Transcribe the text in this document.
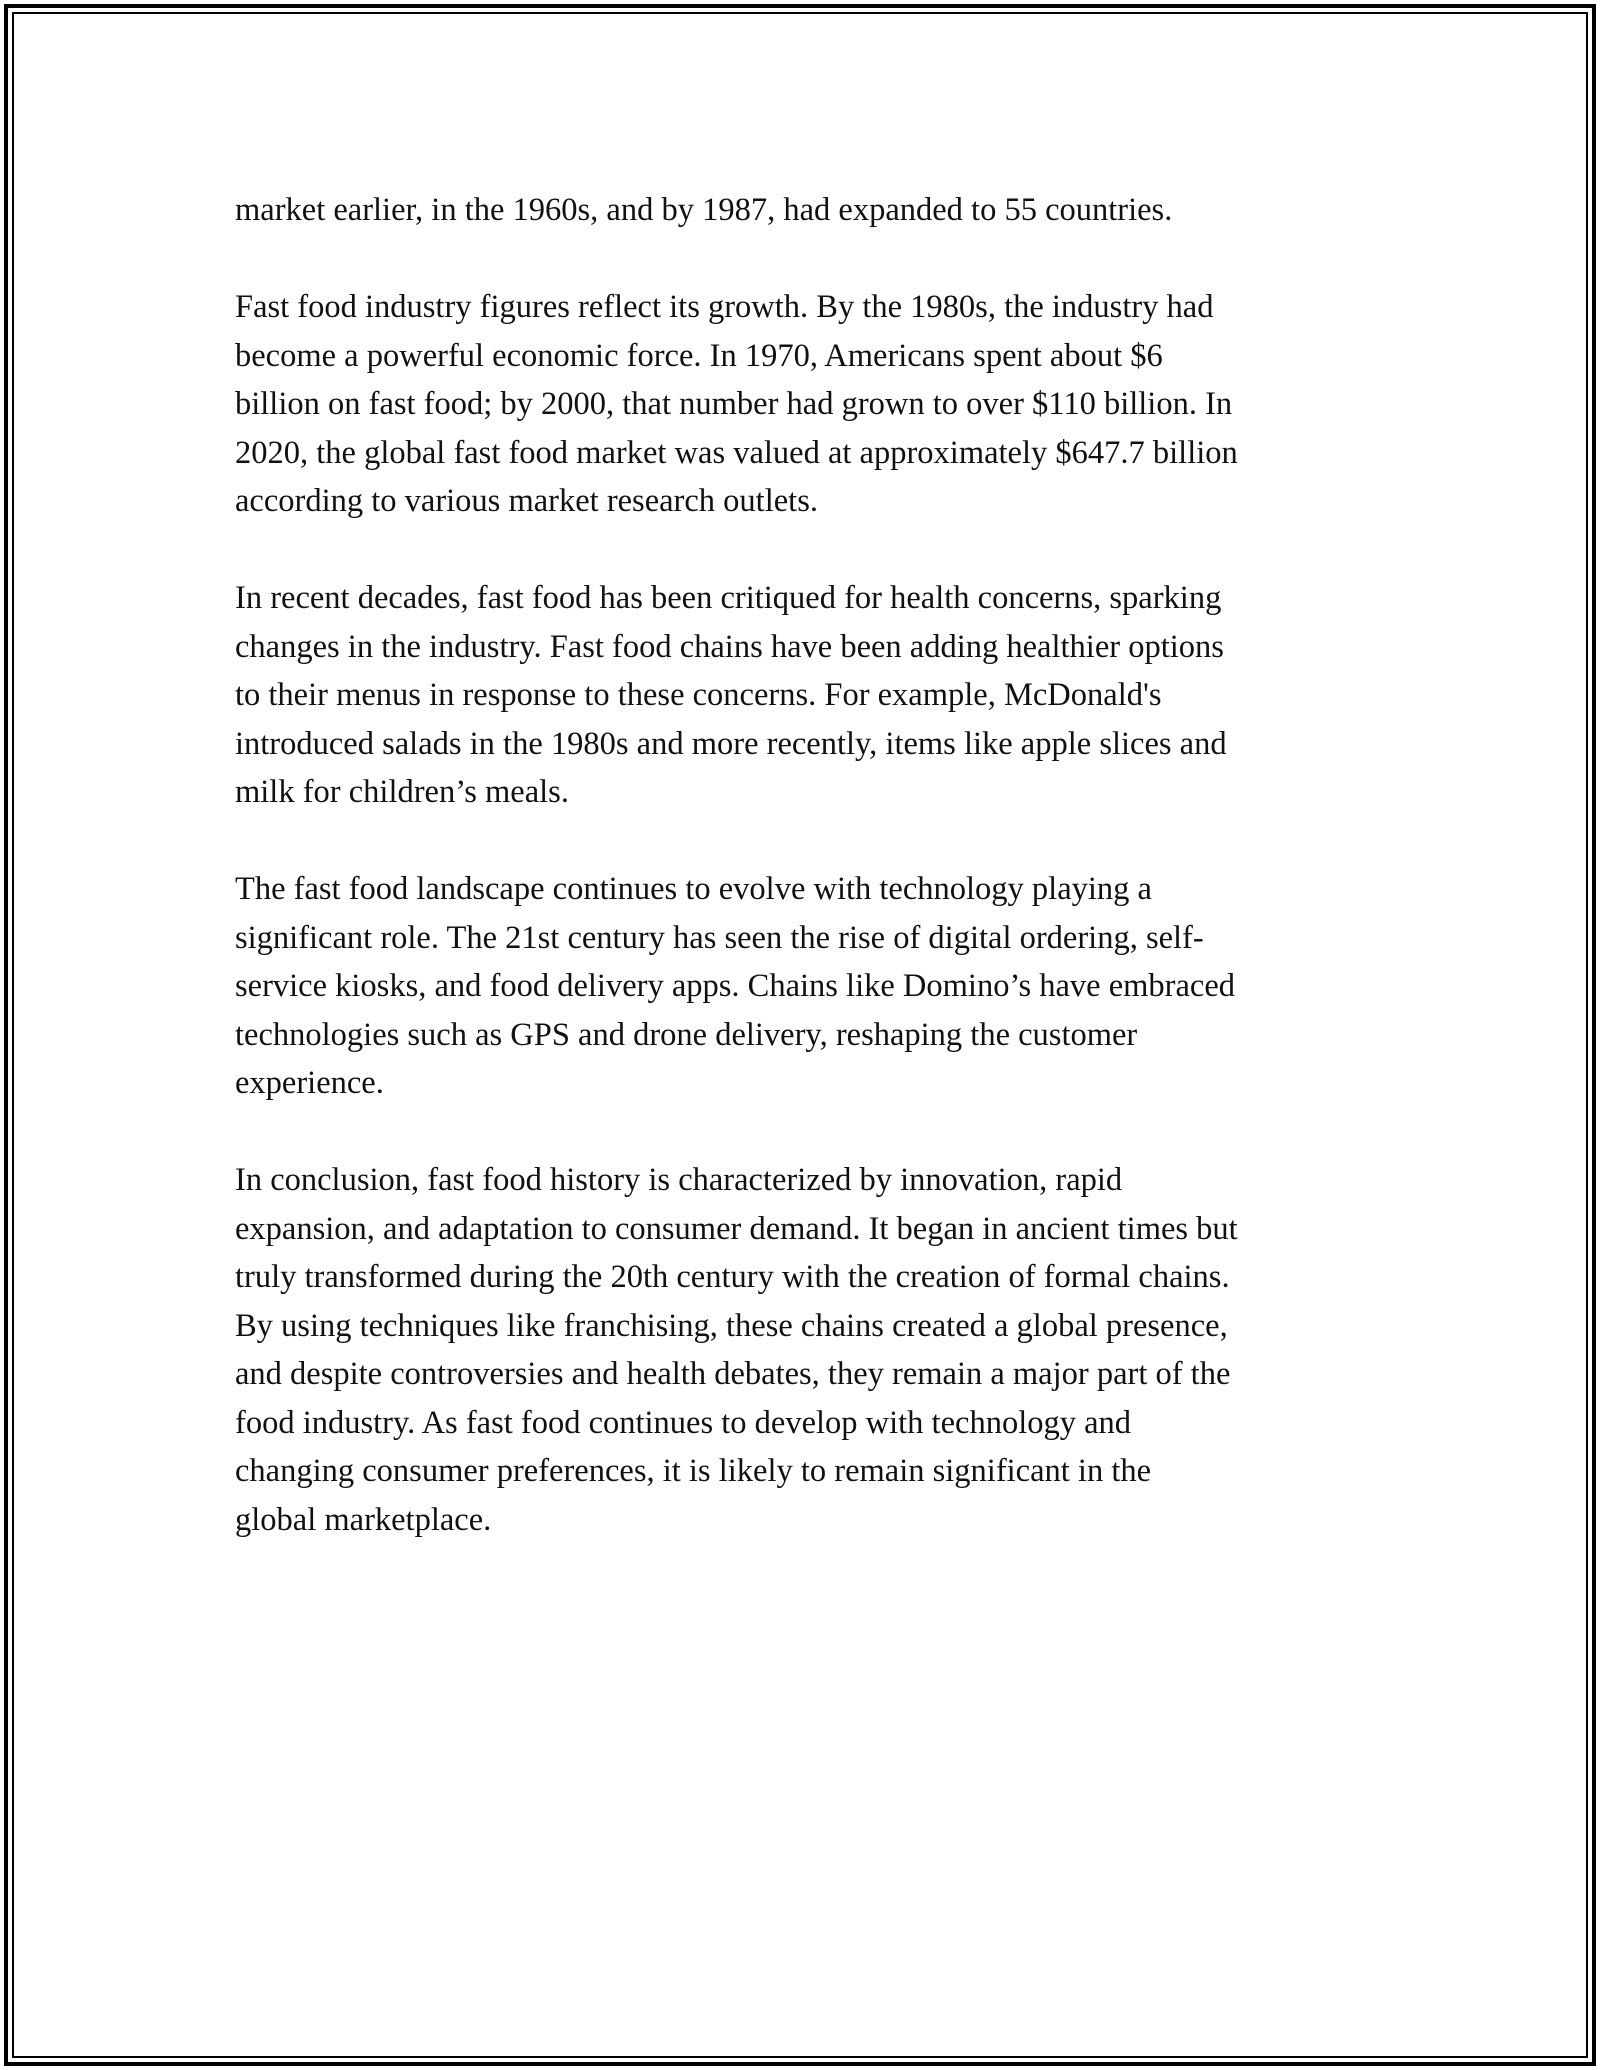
market earlier, in the 1960s, and by 1987, had expanded to 55 countries.

Fast food industry figures reflect its growth. By the 1980s, the industry had
become a powerful economic force. In 1970, Americans spent about $6
billion on fast food; by 2000, that number had grown to over $110 billion. In
2020, the global fast food market was valued at approximately $647.7 billion
according to various market research outlets.

In recent decades, fast food has been critiqued for health concerns, sparking
changes in the industry. Fast food chains have been adding healthier options
to their menus in response to these concerns. For example, McDonald's
introduced salads in the 1980s and more recently, items like apple slices and
milk for children’s meals.

The fast food landscape continues to evolve with technology playing a
significant role. The 21st century has seen the rise of digital ordering, self-
service kiosks, and food delivery apps. Chains like Domino’s have embraced
technologies such as GPS and drone delivery, reshaping the customer
experience.

In conclusion, fast food history is characterized by innovation, rapid
expansion, and adaptation to consumer demand. It began in ancient times but
truly transformed during the 20th century with the creation of formal chains.
By using techniques like franchising, these chains created a global presence,
and despite controversies and health debates, they remain a major part of the
food industry. As fast food continues to develop with technology and
changing consumer preferences, it is likely to remain significant in the
global marketplace.
